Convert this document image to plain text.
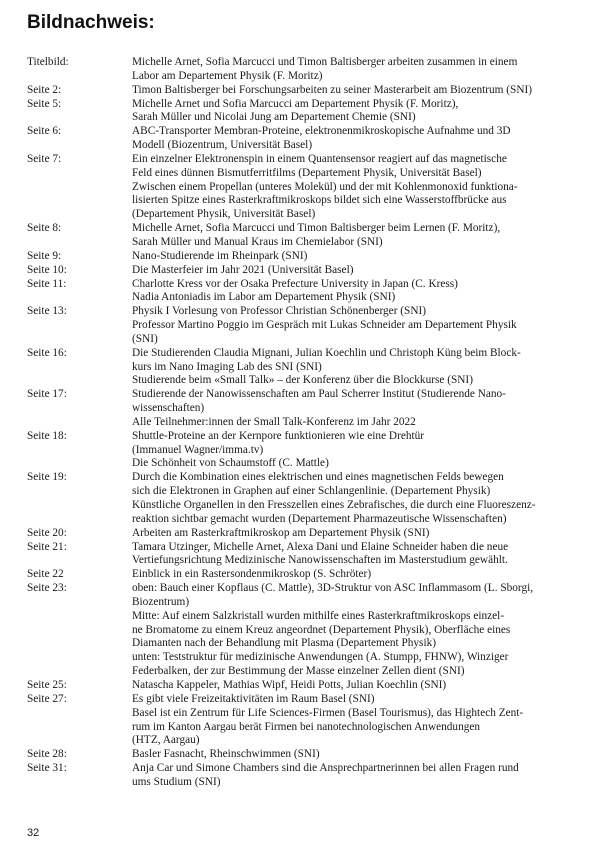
Bildnachweis:
Titelbild:	Michelle Arnet, Sofia Marcucci und Timon Baltisberger arbeiten zusammen in einem
Labor am Departement Physik (F. Moritz)
Seite 2:	Timon Baltisberger bei Forschungsarbeiten zu seiner Masterarbeit am Biozentrum (SNI)
Seite 5:	Michelle Arnet und Sofia Marcucci am Departement Physik (F. Moritz),
Sarah Müller und Nicolai Jung am Departement Chemie (SNI)
Seite 6:	ABC-Transporter Membran-Proteine, elektronenmikroskopische Aufnahme und 3D
Modell (Biozentrum, Universität Basel)
Seite 7:	Ein einzelner Elektronenspin in einem Quantensensor reagiert auf das magnetische
Feld eines dünnen Bismutferritfilms (Departement Physik, Universität Basel)
Zwischen einem Propellan (unteres Molekül) und der mit Kohlenmonoxid funktiona-
lisierten Spitze eines Rasterkraftmikroskops bildet sich eine Wasserstoffbrücke aus
(Departement Physik, Universität Basel)
Seite 8:	Michelle Arnet, Sofia Marcucci und Timon Baltisberger beim Lernen (F. Moritz),
Sarah Müller und Manual Kraus im Chemielabor (SNI)
Seite 9:	Nano-Studierende im Rheinpark (SNI)
Seite 10:	Die Masterfeier im Jahr 2021 (Universität Basel)
Seite 11:	Charlotte Kress vor der Osaka Prefecture University in Japan (C. Kress)
Nadia Antoniadis im Labor am Departement Physik (SNI)
Seite 13:	Physik I Vorlesung von Professor Christian Schönenberger (SNI)
Professor Martino Poggio im Gespräch mit Lukas Schneider am Departement Physik
(SNI)
Seite 16:	Die Studierenden Claudia Mignani, Julian Koechlin und Christoph Küng beim Block-
kurs im Nano Imaging Lab des SNI (SNI)
Studierende beim «Small Talk» – der Konferenz über die Blockkurse (SNI)
Seite 17:	Studierende der Nanowissenschaften am Paul Scherrer Institut (Studierende Nano-
wissenschaften)
Alle Teilnehmer:innen der Small Talk-Konferenz im Jahr 2022
Seite 18:	Shuttle-Proteine an der Kernpore funktionieren wie eine Drehtür
(Immanuel Wagner/imma.tv)
Die Schönheit von Schaumstoff (C. Mattle)
Seite 19:	Durch die Kombination eines elektrischen und eines magnetischen Felds bewegen
sich die Elektronen in Graphen auf einer Schlangenlinie. (Departement Physik)
Künstliche Organellen in den Fresszellen eines Zebrafisches, die durch eine Fluoreszenz-
reaktion sichtbar gemacht wurden (Departement Pharmazeutische Wissenschaften)
Seite 20:	Arbeiten am Rasterkraftmikroskop am Departement Physik (SNI)
Seite 21:	Tamara Utzinger, Michelle Arnet, Alexa Dani und Elaine Schneider haben die neue
Vertiefungsrichtung Medizinische Nanowissenschaften im Masterstudium gewählt.
Seite 22	Einblick in ein Rastersondenmikroskop (S. Schröter)
Seite 23:	oben: Bauch einer Kopflaus (C. Mattle), 3D-Struktur von ASC Inflammasom (L. Sborgi,
Biozentrum)
Mitte: Auf einem Salzkristall wurden mithilfe eines Rasterkraftmikroskops einzel-
ne Bromatome zu einem Kreuz angeordnet (Departement Physik), Oberfläche eines
Diamanten nach der Behandlung mit Plasma (Departement Physik)
unten: Teststruktur für medizinische Anwendungen (A. Stumpp, FHNW), Winziger
Federbalken, der zur Bestimmung der Masse einzelner Zellen dient (SNI)
Seite 25:	Natascha Kappeler, Mathias Wipf, Heidi Potts, Julian Koechlin (SNI)
Seite 27:	Es gibt viele Freizeitaktivitäten im Raum Basel (SNI)
Basel ist ein Zentrum für Life Sciences-Firmen (Basel Tourismus), das Hightech Zent-
rum im Kanton Aargau berät Firmen bei nanotechnologischen Anwendungen
(HTZ, Aargau)
Seite 28:	Basler Fasnacht, Rheinschwimmen (SNI)
Seite 31:	Anja Car und Simone Chambers sind die Ansprechpartnerinnen bei allen Fragen rund
ums Studium (SNI)
32
